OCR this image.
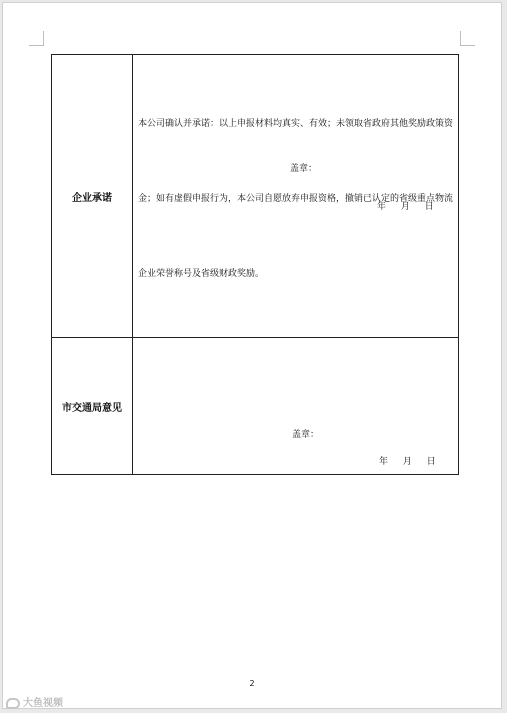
企业承诺	本公司确认并承诺：以上申报材料均真实、有效；未领取省政府其他奖励政策资

金；如有虚假申报行为，本公司自愿放弃申报资格，撤销已认定的省级重点物流

企业荣誉称号及省级财政奖励。

盖章：
年 月 日

市交通局意见	盖章：
年 月 日
2
大鱼视频
